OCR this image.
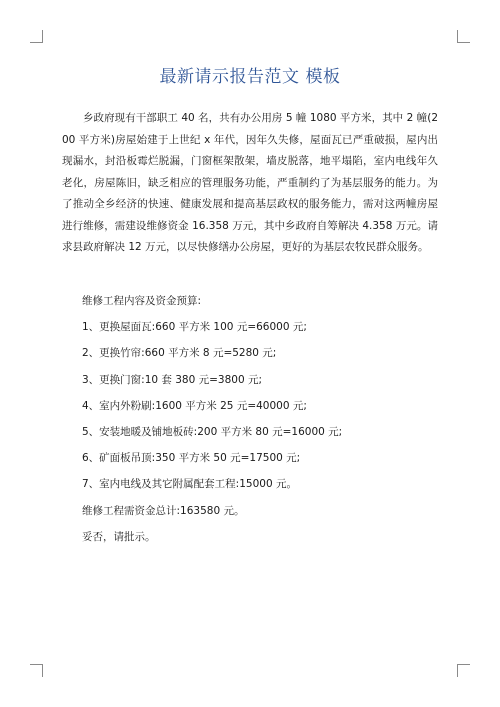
最新请示报告范文 模板

乡政府现有干部职工 40 名，共有办公用房 5 幢 1080 平方米，其中 2 幢(200 平方米)房屋始建于上世纪 x 年代，因年久失修，屋面瓦已严重破损，屋内出现漏水，封沿板霉烂脱漏，门窗框架散架，墙皮脱落，地平塌陷，室内电线年久老化，房屋陈旧，缺乏相应的管理服务功能，严重制约了为基层服务的能力。为了推动全乡经济的快速、健康发展和提高基层政权的服务能力，需对这两幢房屋进行维修，需建设维修资金 16.358 万元，其中乡政府自筹解决 4.358 万元。请求县政府解决 12 万元，以尽快修缮办公房屋，更好的为基层农牧民群众服务。

维修工程内容及资金预算:
1、更换屋面瓦:660 平方米 100 元=66000 元;
2、更换竹帘:660 平方米 8 元=5280 元;
3、更换门窗:10 套 380 元=3800 元;
4、室内外粉刷:1600 平方米 25 元=40000 元;
5、安装地暖及铺地板砖:200 平方米 80 元=16000 元;
6、矿面板吊顶:350 平方米 50 元=17500 元;
7、室内电线及其它附属配套工程:15000 元。
维修工程需资金总计:163580 元。
妥否，请批示。
